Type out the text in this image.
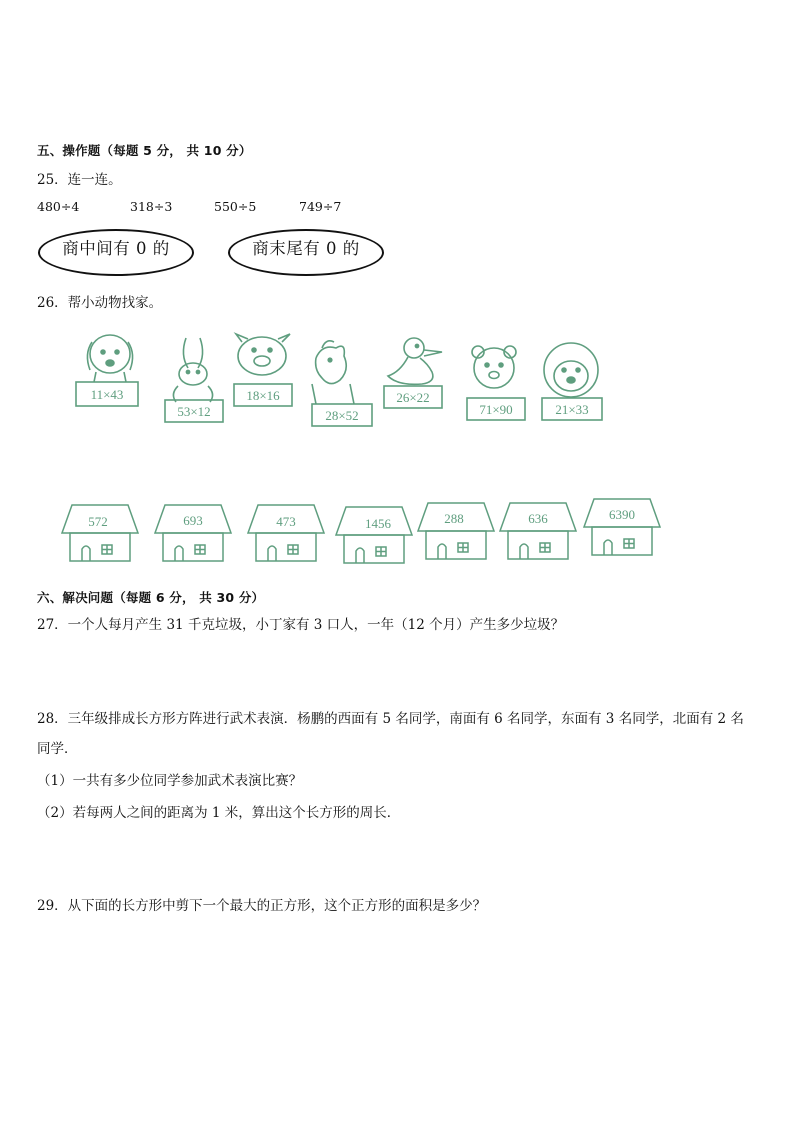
五、操作题（每题 5 分， 共 10 分）
25．连一连。
480÷4	318÷3	550÷5	749÷7
商中间有 0 的	商末尾有 0 的
26．帮小动物找家。
11×43
53×12
18×16
28×52
26×22
71×90	21×33
572	693	473	1456	288	636	6390
六、解决问题（每题 6 分， 共 30 分）
27．一个人每月产生 31 千克垃圾，小丁家有 3 口人，一年（12 个月）产生多少垃圾？
28．三年级排成长方形方阵进行武术表演．杨鹏的西面有 5 名同学，南面有 6 名同学，东面有 3 名同学，北面有 2 名
同学．
（1）一共有多少位同学参加武术表演比赛？
（2）若每两人之间的距离为 1 米，算出这个长方形的周长．
29．从下面的长方形中剪下一个最大的正方形，这个正方形的面积是多少？
